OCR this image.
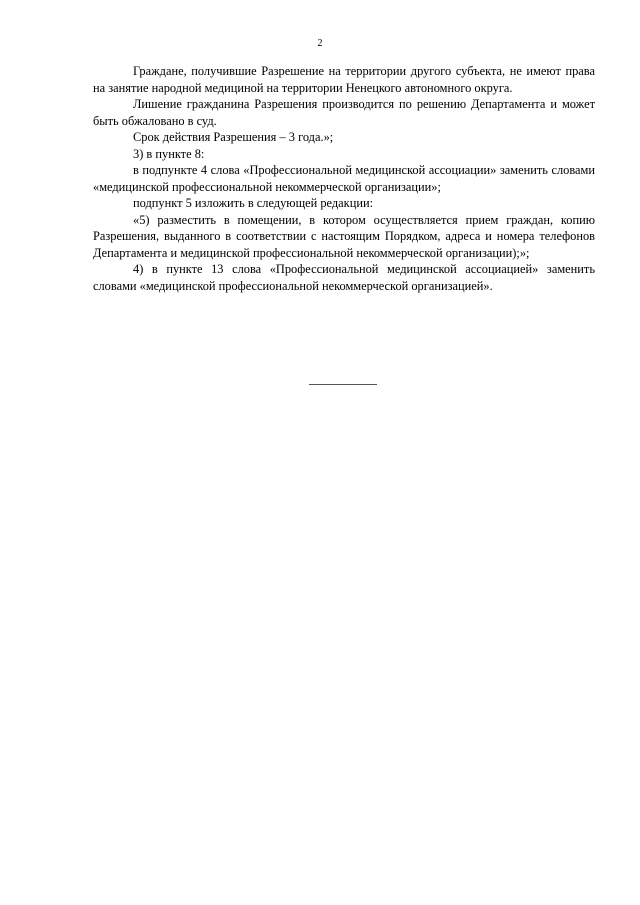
2

Граждане, получившие Разрешение на территории другого субъекта, не имеют права на занятие народной медициной на территории Ненецкого автономного округа.

Лишение гражданина Разрешения производится по решению Департамента и может быть обжаловано в суд.

Срок действия Разрешения – 3 года.»;

3) в пункте 8:

в подпункте 4 слова «Профессиональной медицинской ассоциации» заменить словами «медицинской профессиональной некоммерческой организации»;

подпункт 5 изложить в следующей редакции:

«5) разместить в помещении, в котором осуществляется прием граждан, копию Разрешения, выданного в соответствии с настоящим Порядком, адреса и номера телефонов Департамента и медицинской профессиональной некоммерческой организации);»;

4) в пункте 13 слова «Профессиональной медицинской ассоциацией» заменить словами «медицинской профессиональной некоммерческой организацией».
